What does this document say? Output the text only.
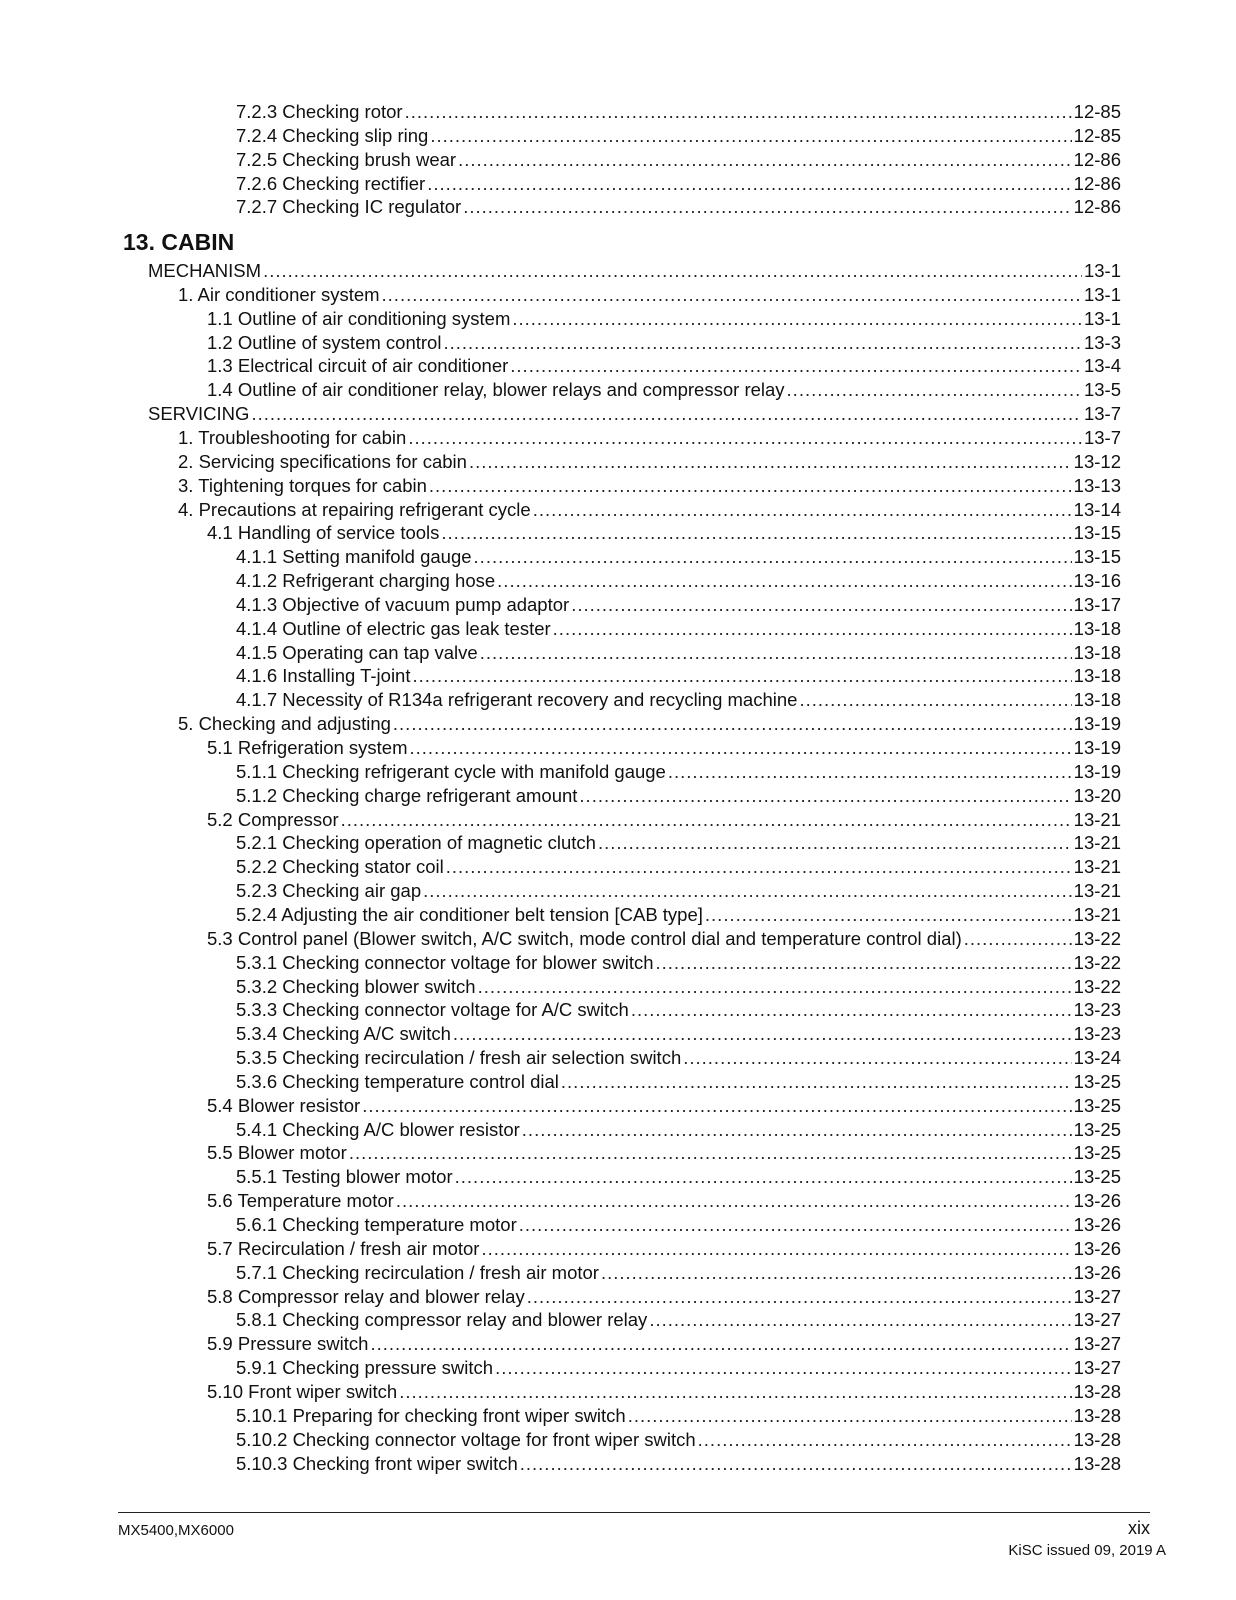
7.2.3 Checking rotor .....	12-85
7.2.4 Checking slip ring .....	12-85
7.2.5 Checking brush wear .....	12-86
7.2.6 Checking rectifier .....	12-86
7.2.7 Checking IC regulator .....	12-86
13. CABIN
MECHANISM .....	13-1
1. Air conditioner system .....	13-1
1.1 Outline of air conditioning system .....	13-1
1.2 Outline of system control .....	13-3
1.3 Electrical circuit of air conditioner .....	13-4
1.4 Outline of air conditioner relay, blower relays and compressor relay .....	13-5
SERVICING .....	13-7
1. Troubleshooting for cabin .....	13-7
2. Servicing specifications for cabin .....	13-12
3. Tightening torques for cabin .....	13-13
4. Precautions at repairing refrigerant cycle .....	13-14
4.1 Handling of service tools .....	13-15
4.1.1 Setting manifold gauge .....	13-15
4.1.2 Refrigerant charging hose .....	13-16
4.1.3 Objective of vacuum pump adaptor .....	13-17
4.1.4 Outline of electric gas leak tester .....	13-18
4.1.5 Operating can tap valve .....	13-18
4.1.6 Installing T-joint .....	13-18
4.1.7 Necessity of R134a refrigerant recovery and recycling machine .....	13-18
5. Checking and adjusting .....	13-19
5.1 Refrigeration system .....	13-19
5.1.1 Checking refrigerant cycle with manifold gauge .....	13-19
5.1.2 Checking charge refrigerant amount .....	13-20
5.2 Compressor .....	13-21
5.2.1 Checking operation of magnetic clutch .....	13-21
5.2.2 Checking stator coil .....	13-21
5.2.3 Checking air gap .....	13-21
5.2.4 Adjusting the air conditioner belt tension [CAB type] .....	13-21
5.3 Control panel (Blower switch, A/C switch, mode control dial and temperature control dial) .....	13-22
5.3.1 Checking connector voltage for blower switch .....	13-22
5.3.2 Checking blower switch .....	13-22
5.3.3 Checking connector voltage for A/C switch .....	13-23
5.3.4 Checking A/C switch .....	13-23
5.3.5 Checking recirculation / fresh air selection switch .....	13-24
5.3.6 Checking temperature control dial .....	13-25
5.4 Blower resistor .....	13-25
5.4.1 Checking A/C blower resistor .....	13-25
5.5 Blower motor .....	13-25
5.5.1 Testing blower motor .....	13-25
5.6 Temperature motor .....	13-26
5.6.1 Checking temperature motor .....	13-26
5.7 Recirculation / fresh air motor .....	13-26
5.7.1 Checking recirculation / fresh air motor .....	13-26
5.8 Compressor relay and blower relay .....	13-27
5.8.1 Checking compressor relay and blower relay .....	13-27
5.9 Pressure switch .....	13-27
5.9.1 Checking pressure switch .....	13-27
5.10 Front wiper switch .....	13-28
5.10.1 Preparing for checking front wiper switch .....	13-28
5.10.2 Checking connector voltage for front wiper switch .....	13-28
5.10.3 Checking front wiper switch .....	13-28
MX5400,MX6000	xix
KiSC issued 09, 2019 A
